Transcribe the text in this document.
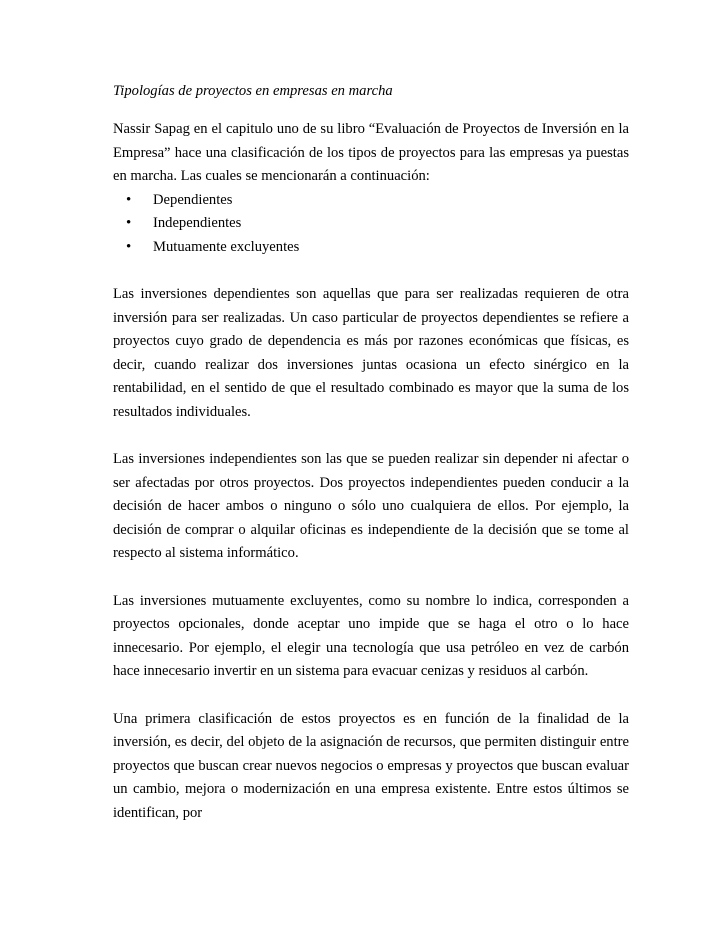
Tipologías de proyectos en empresas en marcha

Nassir Sapag en el capitulo uno de su libro “Evaluación de Proyectos de Inversión en la Empresa” hace una clasificación de los tipos de proyectos para las empresas ya puestas en marcha. Las cuales se mencionarán a continuación:

• Dependientes
• Independientes
• Mutuamente excluyentes

Las inversiones dependientes son aquellas que para ser realizadas requieren de otra inversión para ser realizadas. Un caso particular de proyectos dependientes se refiere a proyectos cuyo grado de dependencia es más por razones económicas que físicas, es decir, cuando realizar dos inversiones juntas ocasiona un efecto sinérgico en la rentabilidad, en el sentido de que el resultado combinado es mayor que la suma de los resultados individuales.

Las inversiones independientes son las que se pueden realizar sin depender ni afectar o ser afectadas por otros proyectos. Dos proyectos independientes pueden conducir a la decisión de hacer ambos o ninguno o sólo uno cualquiera de ellos. Por ejemplo, la decisión de comprar o alquilar oficinas es independiente de la decisión que se tome al respecto al sistema informático.

Las inversiones mutuamente excluyentes, como su nombre lo indica, corresponden a proyectos opcionales, donde aceptar uno impide que se haga el otro o lo hace innecesario. Por ejemplo, el elegir una tecnología que usa petróleo en vez de carbón hace innecesario invertir en un sistema para evacuar cenizas y residuos al carbón.

Una primera clasificación de estos proyectos es en función de la finalidad de la inversión, es decir, del objeto de la asignación de recursos, que permiten distinguir entre proyectos que buscan crear nuevos negocios o empresas y proyectos que buscan evaluar un cambio, mejora o modernización en una empresa existente. Entre estos últimos se identifican, por
